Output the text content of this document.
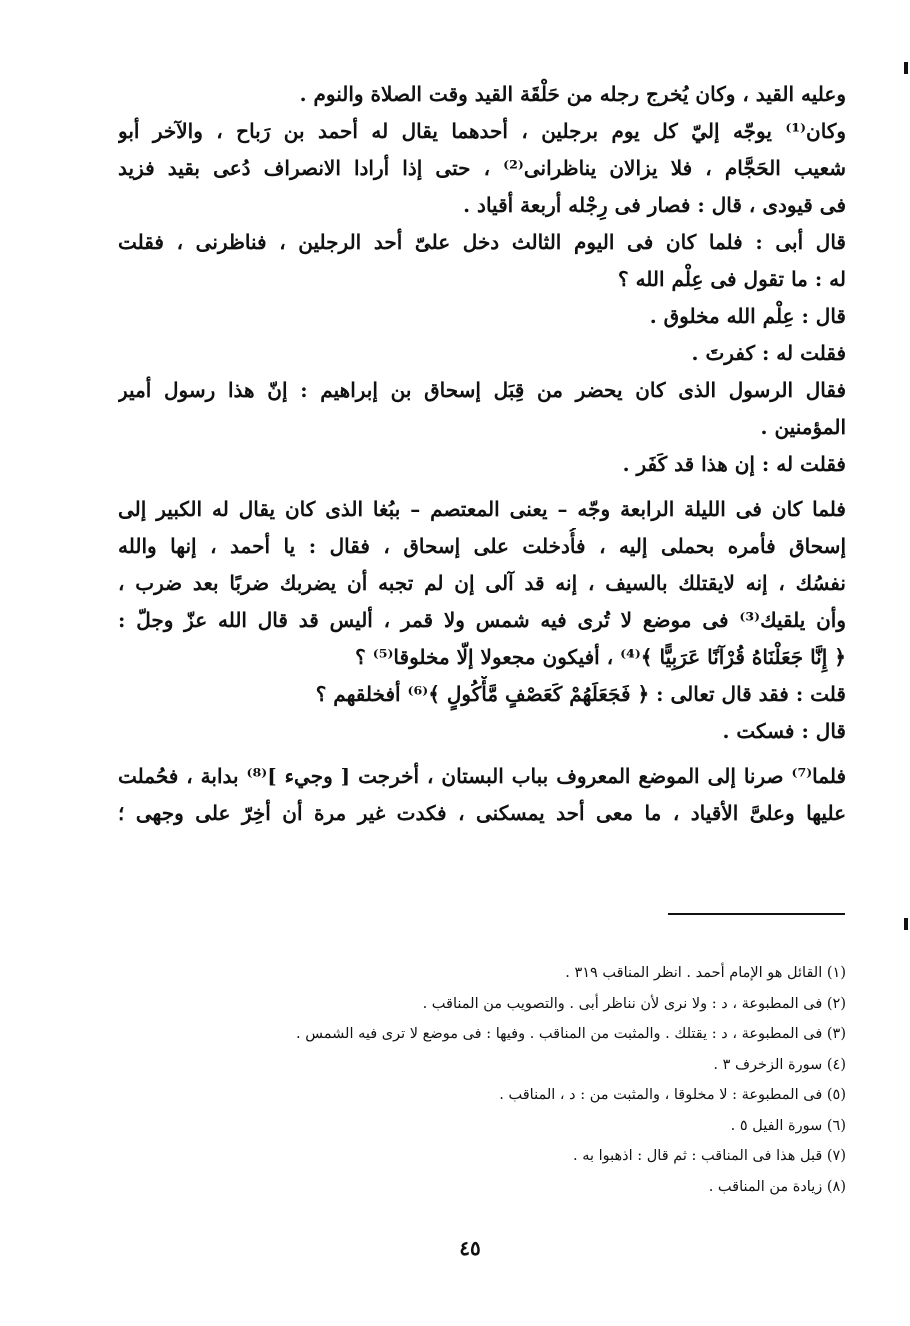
وعليه القيد ، وكان يُخرج رجله من حَلْقَة القيد وقت الصلاة والنوم .
وكان⁽¹⁾ يوجّه إليّ كل يوم برجلين ، أحدهما يقال له أحمد بن رَباح ، والآخر أبو
شعيب الحَجَّام ، فلا يزالان يناظرانى⁽²⁾ ، حتى إذا أرادا الانصراف دُعى بقيد فزيد
فى قيودى ، قال : فصار فى رِجْله أربعة أقياد .
قال أبى : فلما كان فى اليوم الثالث دخل علىّ أحد الرجلين ، فناظرنى ، فقلت
له : ما تقول فى عِلْم الله ؟
قال : عِلْم الله مخلوق .
فقلت له : كفرتَ .
فقال الرسول الذى كان يحضر من قِبَل إسحاق بن إبراهيم : إنّ هذا رسول أمير
المؤمنين .
فقلت له : إن هذا قد كَفَر .
فلما كان فى الليلة الرابعة وجّه – يعنى المعتصم – ببُغا الذى كان يقال له الكبير إلى
إسحاق فأمره بحملى إليه ، فأُدخلت على إسحاق ، فقال : يا أحمد ، إنها والله
نفسُك ، إنه لايقتلك بالسيف ، إنه قد آلى إن لم تجبه أن يضربك ضربًا بعد ضرب ،
وأن يلقيك⁽³⁾ فى موضع لا تُرى فيه شمس ولا قمر ، أليس قد قال الله عزّ وجلّ :
﴿ إِنَّا جَعَلْنَاهُ قُرْآنًا عَرَبِيًّا ﴾⁽⁴⁾ ، أفيكون مجعولا إلّا مخلوقا⁽⁵⁾ ؟
قلت : فقد قال تعالى : ﴿ فَجَعَلَهُمْ كَعَصْفٍ مَّأْكُولٍ ﴾⁽⁶⁾ أفخلقهم ؟
قال : فسكت .
فلما⁽⁷⁾ صرنا إلى الموضع المعروف بباب البستان ، أخرجت [ وجيء ]⁽⁸⁾ بدابة ، فحُملت
عليها وعلىَّ الأقياد ، ما معى أحد يمسكنى ، فكدت غير مرة أن أخِرّ على وجهى ؛
(١) القائل هو الإمام أحمد . انظر المناقب ٣١٩ .
(٢) فى المطبوعة ، د : ولا نرى لأن نناظر أبى . والتصويب من المناقب .
(٣) فى المطبوعة ، د : يقتلك . والمثبت من المناقب . وفيها : فى موضع لا ترى فيه الشمس .
(٤) سورة الزخرف ٣ .
(٥) فى المطبوعة : لا مخلوقا ، والمثبت من : د ، المناقب .
(٦) سورة الفيل ٥ .
(٧) قبل هذا فى المناقب : ثم قال : اذهبوا به .
(٨) زيادة من المناقب .
٤٥
